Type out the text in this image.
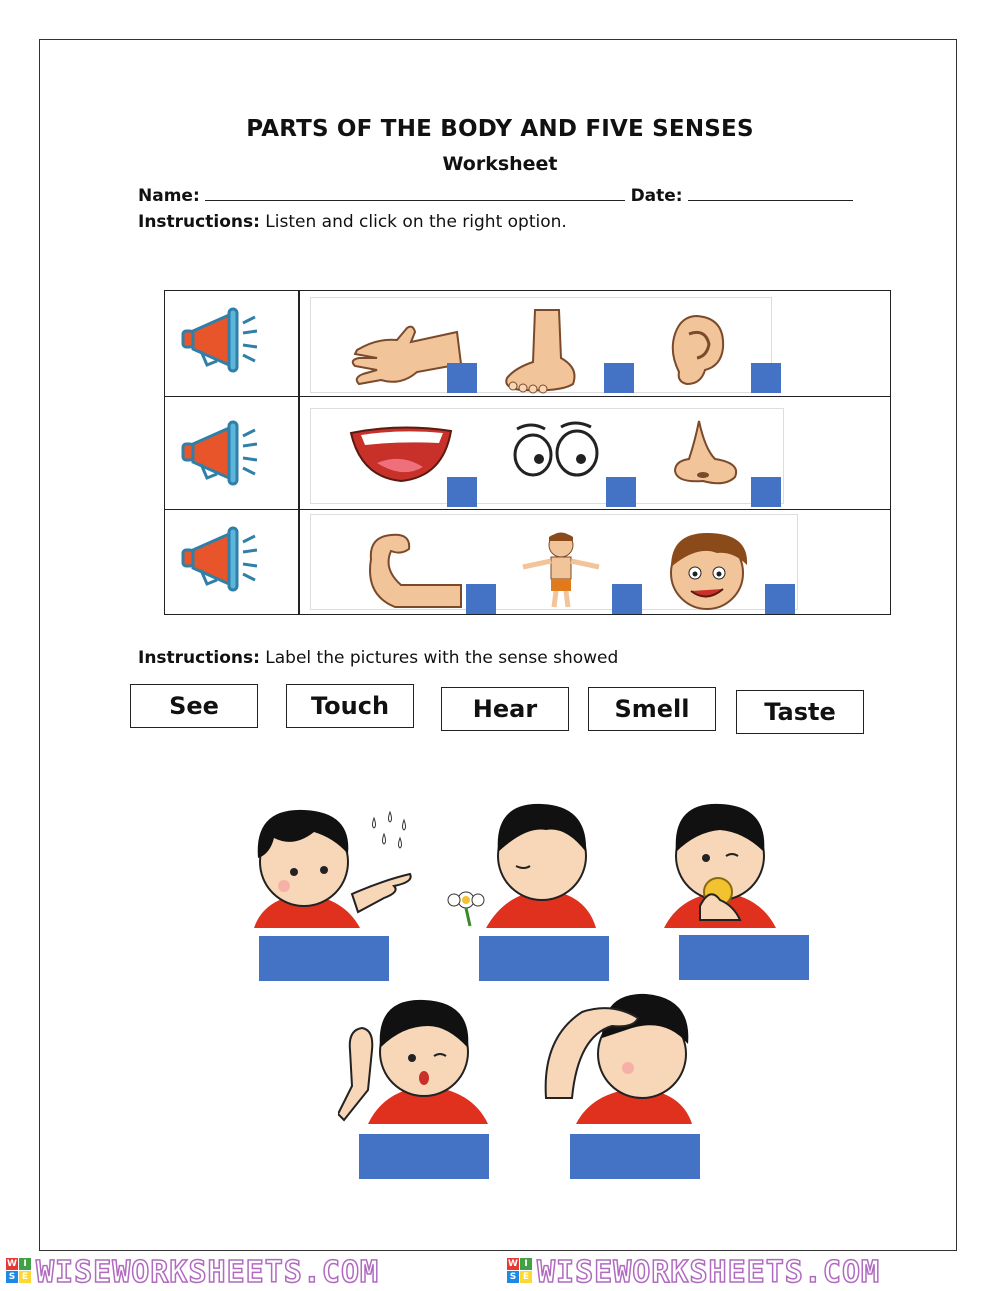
PARTS OF THE BODY AND FIVE SENSES
Worksheet
Name:	Date:
Instructions: Listen and click on the right option.
Instructions: Label the pictures with the sense showed
See	Touch	Hear	Smell	Taste
W I
S E WISEWORKSHEETS.COM	W I
S E WISEWORKSHEETS.COM
